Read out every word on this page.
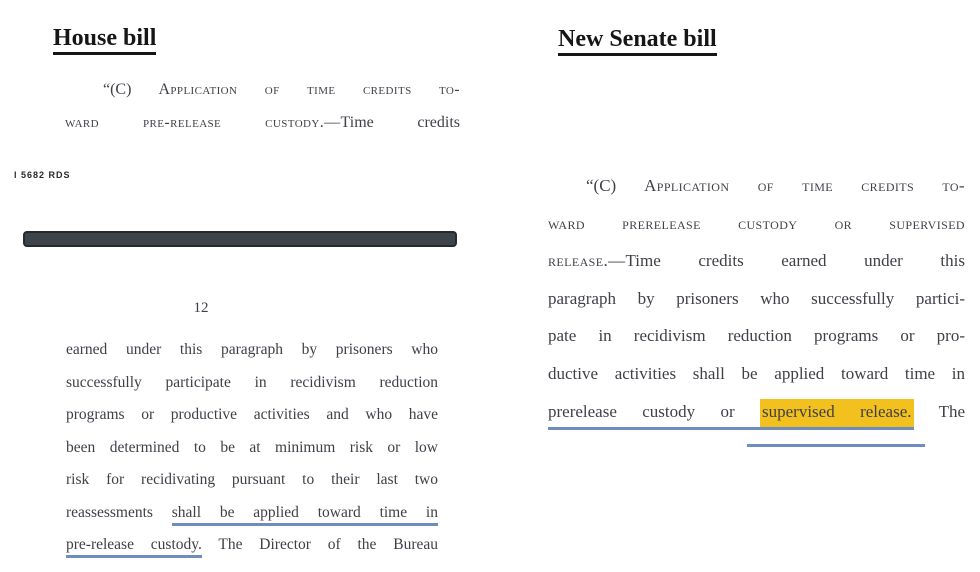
House bill	New Senate bill
“(C) Application of time credits to-
ward pre-release custody.—Time credits
l 5682 RDS
12
earned under this paragraph by prisoners who
successfully participate in recidivism reduction
programs or productive activities and who have
been determined to be at minimum risk or low
risk for recidivating pursuant to their last two
reassessments shall be applied toward time in
pre-release custody. The Director of the Bureau
“(C) Application of time credits to-
ward prerelease custody or supervised
release.—Time credits earned under this
paragraph by prisoners who successfully partici-
pate in recidivism reduction programs or pro-
ductive activities shall be applied toward time in
prerelease custody or supervised release. The
